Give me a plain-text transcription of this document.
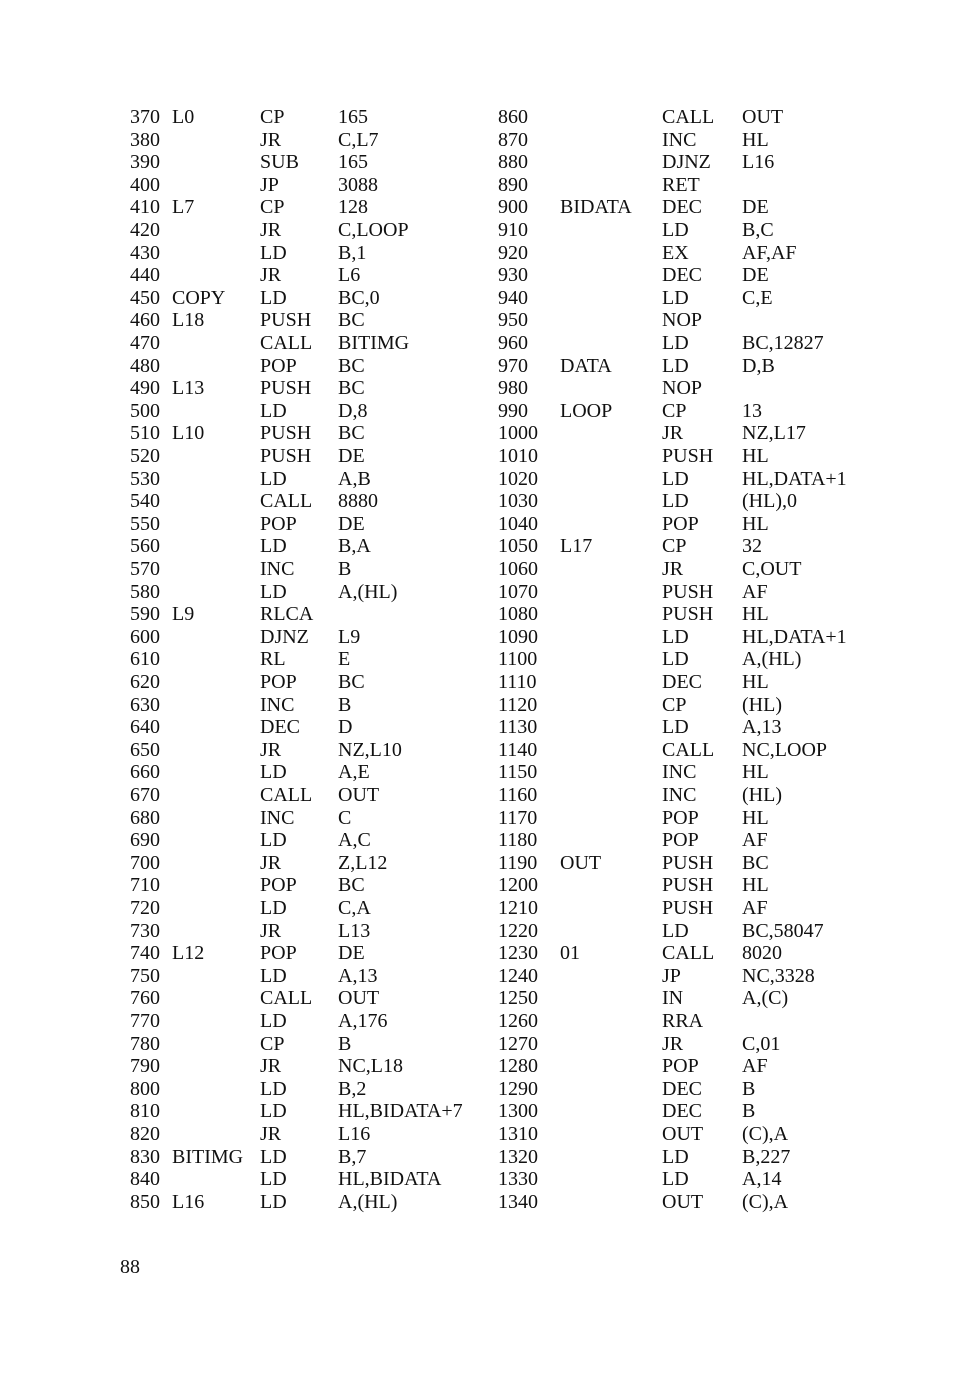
370 L0	CP	165
380	JR	C,L7
390	SUB 165
400	JP	3088
410 L7	CP	128
420	JR	C,LOOP
430	LD	B,1
440	JR	L6
450 COPY LD	BC,0
460 L18	PUSH BC
470	CALL BITIMG
480	POP BC
490 L13	PUSH BC
500	LD	D,8
510 L10	PUSH BC
520	PUSH DE
530	LD	A,B
540	CALL 8880
550	POP DE
560	LD	B,A
570	INC B
580	LD	A,(HL)
590 L9	RLCA
600	DJNZ L9
610	RL	E
620	POP BC
630	INC B
640	DEC D
650	JR	NZ,L10
660	LD	A,E
670	CALL OUT
680	INC C
690	LD	A,C
700	JR	Z,L12
710	POP BC
720	LD	C,A
730	JR	L13
740 L12	POP DE
750	LD	A,13
760	CALL OUT
770	LD	A,176
780	CP	B
790	JR	NC,L18
800	LD	B,2
810	LD	HL,BIDATA+7
820	JR	L16
830 BITIMG LD	B,7
840	LD	HL,BIDATA
850 L16	LD	A,(HL)
860	CALL OUT
870	INC HL
880	DJNZ L16
890	RET
900 BIDATA DEC DE
910	LD	B,C
920	EX	AF,AF
930	DEC DE
940	LD	C,E
950	NOP
960	LD	BC,12827
970 DATA	LD	D,B
980	NOP
990 LOOP CP	13
1000	JR	NZ,L17
1010	PUSH HL
1020	LD	HL,DATA+1
1030	LD	(HL),0
1040	POP HL
1050 L17	CP	32
1060	JR	C,OUT
1070	PUSH AF
1080	PUSH HL
1090	LD	HL,DATA+1
1100	LD	A,(HL)
1110	DEC HL
1120	CP	(HL)
1130	LD	A,13
1140	CALL NC,LOOP
1150	INC HL
1160	INC (HL)
1170	POP HL
1180	POP AF
1190 OUT	PUSH BC
1200	PUSH HL
1210	PUSH AF
1220	LD	BC,58047
1230 01	CALL 8020
1240	JP	NC,3328
1250	IN	A,(C)
1260	RRA
1270	JR	C,01
1280	POP AF
1290	DEC B
1300	DEC B
1310	OUT (C),A
1320	LD	B,227
1330	LD	A,14
1340	OUT (C),A
88
